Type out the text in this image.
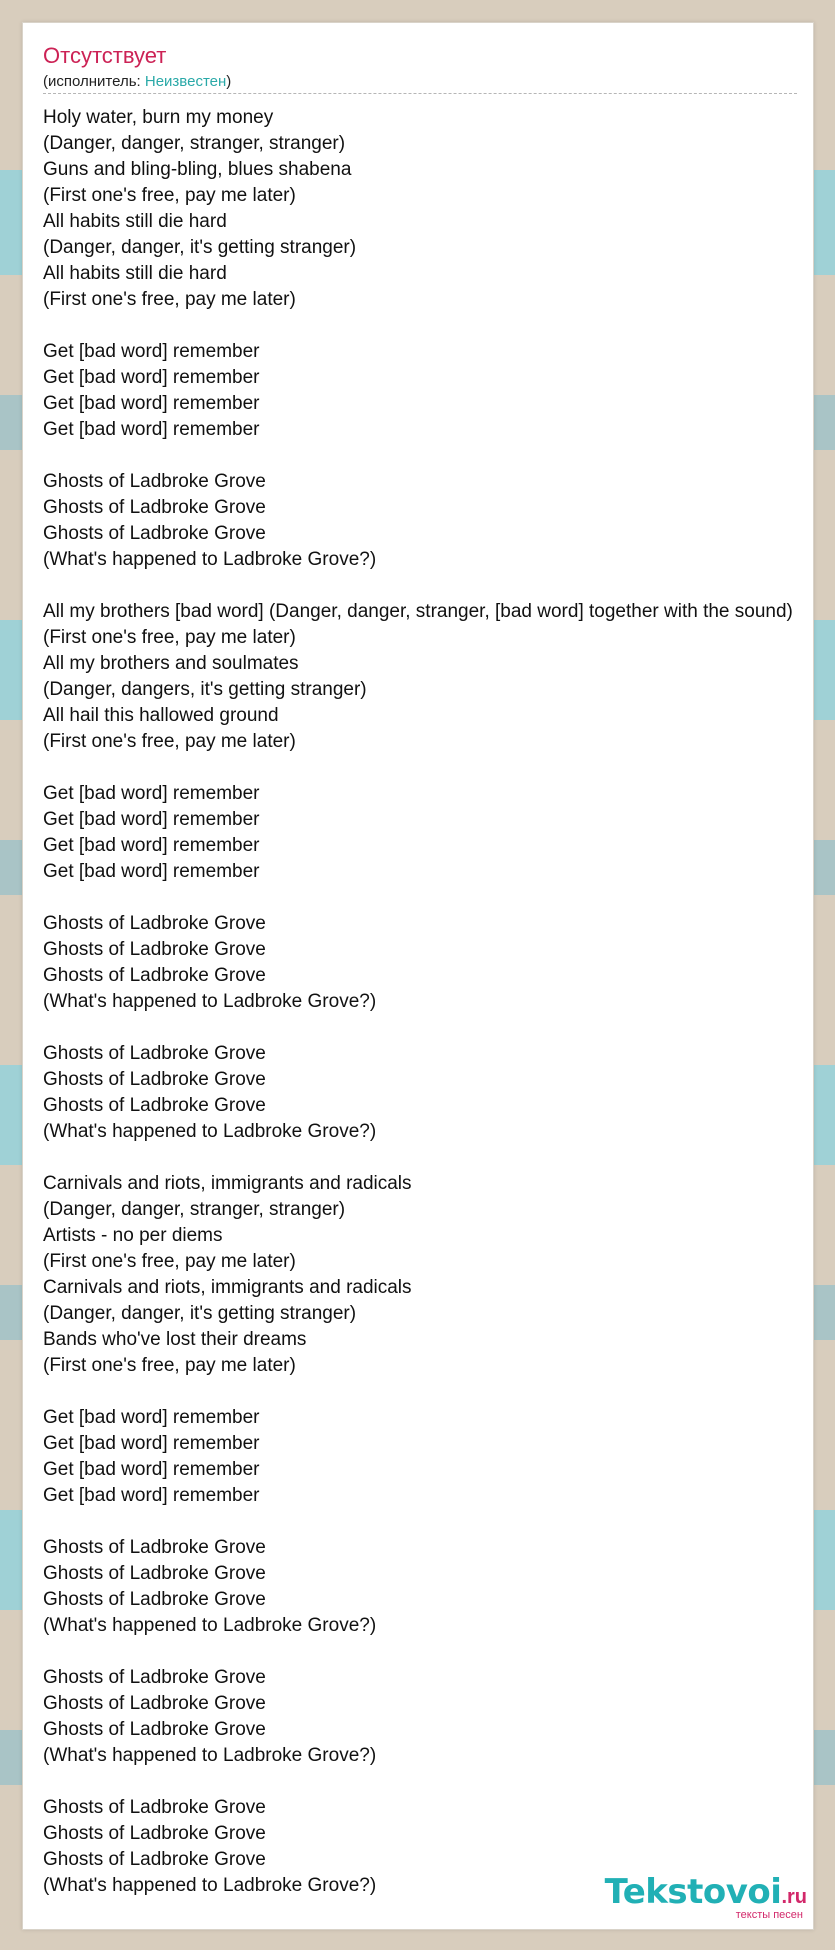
Отсутствует
(исполнитель: Неизвестен)
Holy water, burn my money
(Danger, danger, stranger, stranger)
Guns and bling-bling, blues shabena
(First one's free, pay me later)
All habits still die hard
(Danger, danger, it's getting stranger)
All habits still die hard
(First one's free, pay me later)
Get [bad word] remember
Get [bad word] remember
Get [bad word] remember
Get [bad word] remember
Ghosts of Ladbroke Grove
Ghosts of Ladbroke Grove
Ghosts of Ladbroke Grove
(What's happened to Ladbroke Grove?)
All my brothers [bad word] (Danger, danger, stranger, [bad word] together with the sound)
(First one's free, pay me later)
All my brothers and soulmates
(Danger, dangers, it's getting stranger)
All hail this hallowed ground
(First one's free, pay me later)
Get [bad word] remember
Get [bad word] remember
Get [bad word] remember
Get [bad word] remember
Ghosts of Ladbroke Grove
Ghosts of Ladbroke Grove
Ghosts of Ladbroke Grove
(What's happened to Ladbroke Grove?)
Ghosts of Ladbroke Grove
Ghosts of Ladbroke Grove
Ghosts of Ladbroke Grove
(What's happened to Ladbroke Grove?)
Carnivals and riots, immigrants and radicals
(Danger, danger, stranger, stranger)
Artists - no per diems
(First one's free, pay me later)
Carnivals and riots, immigrants and radicals
(Danger, danger, it's getting stranger)
Bands who've lost their dreams
(First one's free, pay me later)
Get [bad word] remember
Get [bad word] remember
Get [bad word] remember
Get [bad word] remember
Ghosts of Ladbroke Grove
Ghosts of Ladbroke Grove
Ghosts of Ladbroke Grove
(What's happened to Ladbroke Grove?)
Ghosts of Ladbroke Grove
Ghosts of Ladbroke Grove
Ghosts of Ladbroke Grove
(What's happened to Ladbroke Grove?)
Ghosts of Ladbroke Grove
Ghosts of Ladbroke Grove
Ghosts of Ladbroke Grove
(What's happened to Ladbroke Grove?)	Tekstovoi.ru
тексты песен
